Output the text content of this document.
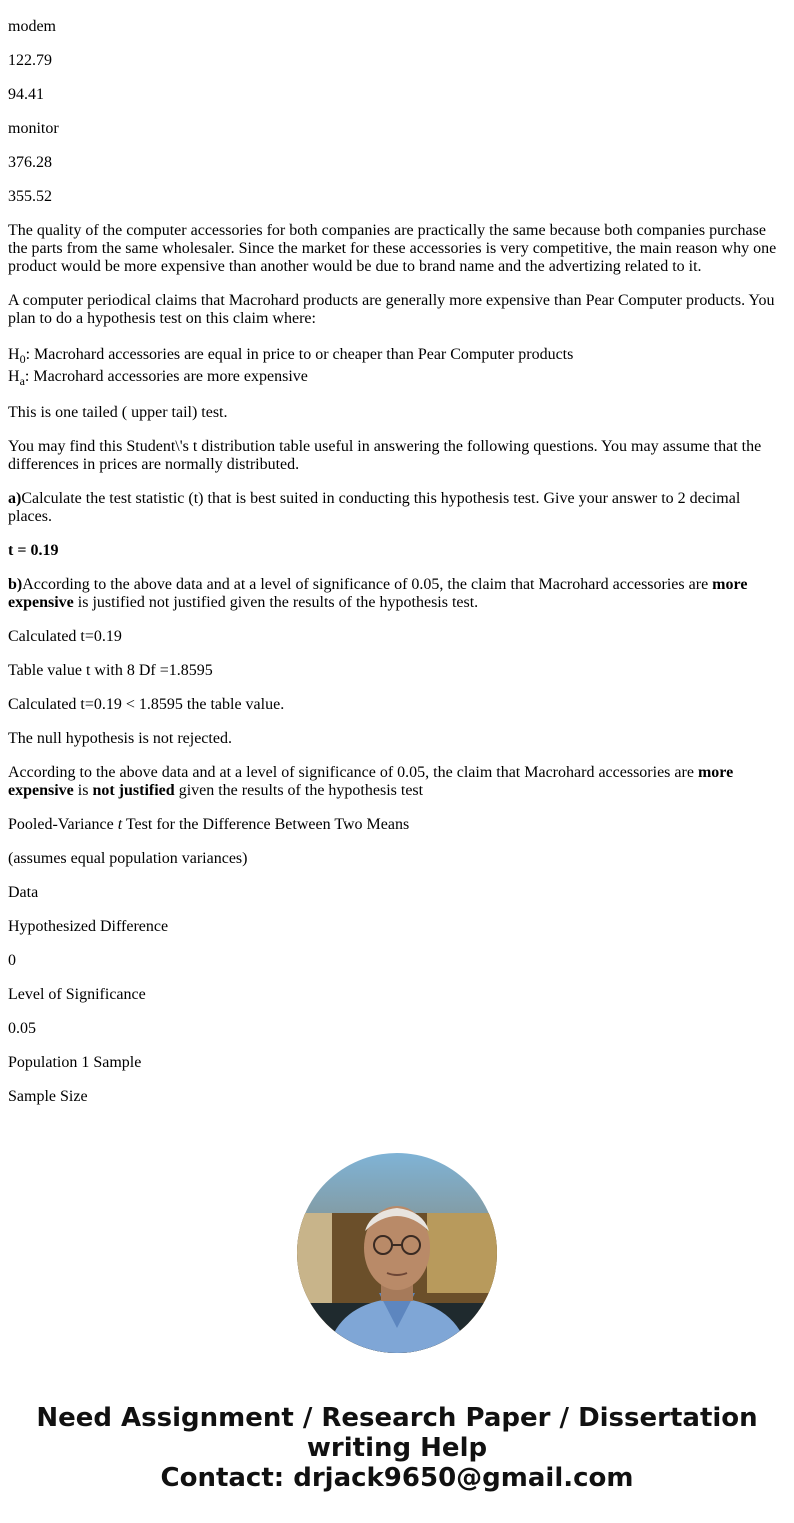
modem

122.79

94.41

monitor

376.28

355.52

The quality of the computer accessories for both companies are practically the same because both companies purchase the parts from the same wholesaler. Since the market for these accessories is very competitive, the main reason why one product would be more expensive than another would be due to brand name and the advertizing related to it.

A computer periodical claims that Macrohard products are generally more expensive than Pear Computer products. You plan to do a hypothesis test on this claim where:

$H_0$: Macrohard accessories are equal in price to or cheaper than Pear Computer products
$H_a$: Macrohard accessories are more expensive

This is one tailed ( upper tail) test.

You may find this Student\'s t distribution table useful in answering the following questions. You may assume that the differences in prices are normally distributed.

a)Calculate the test statistic (t) that is best suited in conducting this hypothesis test. Give your answer to 2 decimal places.

t = 0.19

b)According to the above data and at a level of significance of 0.05, the claim that Macrohard accessories are more expensive is justified not justified given the results of the hypothesis test.

Calculated t=0.19

Table value t with 8 Df =1.8595

Calculated t=0.19 < 1.8595 the table value.

The null hypothesis is not rejected.

According to the above data and at a level of significance of 0.05, the claim that Macrohard accessories are more expensive is not justified given the results of the hypothesis test

Pooled-Variance t Test for the Difference Between Two Means

(assumes equal population variances)

Data

Hypothesized Difference

0

Level of Significance

0.05

Population 1 Sample

Sample Size

Need Assignment / Research Paper / Dissertation
writing Help
Contact: drjack9650@gmail.com
